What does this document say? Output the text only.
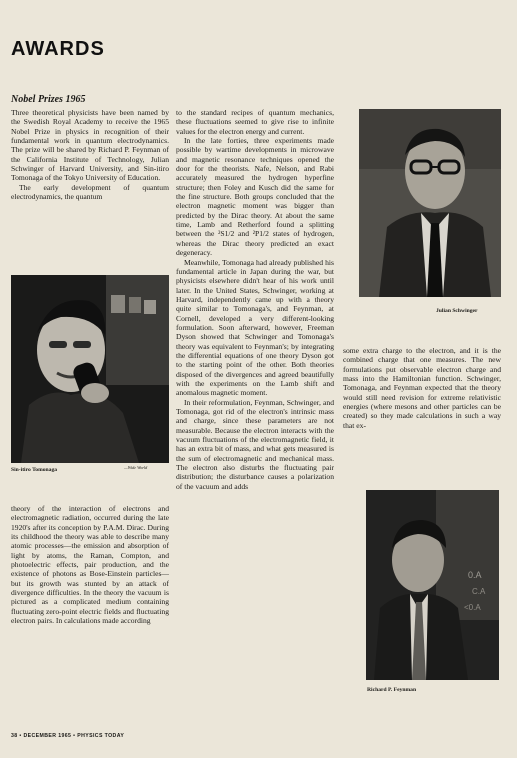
AWARDS
Nobel Prizes 1965

Three theoretical physicists have been named by the Swedish Royal Academy to receive the 1965 Nobel Prize in physics in recognition of their fundamental work in quantum electrodynamics. The prize will be shared by Richard P. Feynman of the California Institute of Technology, Julian Schwinger of Harvard University, and Sin-itiro Tomonaga of the Tokyo University of Education.

The early development of quantum electrodynamics, the quantum

Sin-itiro Tomonaga	—Wide World

theory of the interaction of electrons and electromagnetic radiation, occurred during the late 1920's after its conception by P.A.M. Dirac. During its childhood the theory was able to describe many atomic processes—the emission and absorption of light by atoms, the Raman, Compton, and photoelectric effects, pair production, and the existence of photons as Bose-Einstein particles—but its growth was stunted by an attack of divergence difficulties. In the theory the vacuum is pictured as a complicated medium containing fluctuating zero-point electric fields and fluctuating electron pairs. In calculations made according

to the standard recipes of quantum mechanics, these fluctuations seemed to give rise to infinite values for the electron energy and current.

In the late forties, three experiments made possible by wartime developments in microwave and magnetic resonance techniques opened the door for the theorists. Nafe, Nelson, and Rabi accurately measured the hydrogen hyperfine structure; then Foley and Kusch did the same for the fine structure. Both groups concluded that the electron magnetic moment was bigger than predicted by the Dirac theory. At about the same time, Lamb and Retherford found a splitting between the ²S1/2 and ²P1/2 states of hydrogen, whereas the Dirac theory predicted an exact degeneracy.

Meanwhile, Tomonaga had already published his fundamental article in Japan during the war, but physicists elsewhere didn't hear of his work until later. In the United States, Schwinger, working at Harvard, independently came up with a theory quite similar to Tomonaga's, and Feynman, at Cornell, developed a very different-looking formulation. Soon afterward, however, Freeman Dyson showed that Schwinger and Tomonaga's theory was equivalent to Feynman's; by integrating the differential equations of one theory Dyson got to the starting point of the other. Both theories disposed of the divergences and agreed beautifully with the experiments on the Lamb shift and anomalous magnetic moment.

In their reformulation, Feynman, Schwinger, and Tomonaga, got rid of the electron's intrinsic mass and charge, since these parameters are not measurable. Because the electron interacts with the vacuum fluctuations of the electromagnetic field, it has an extra bit of mass, and what gets measured is the sum of electromagnetic and mechanical mass. The electron also disturbs the fluctuating pair distribution; the disturbance causes a polarization of the vacuum and adds

Julian Schwinger

some extra charge to the electron, and it is the combined charge that one measures. The new formulations put observable electron charge and mass into the Hamiltonian function. Schwinger, Tomonaga, and Feynman expected that the theory would still need revision for extreme relativistic energies (where mesons and other particles can be created) so they made calculations in such a way that ex-

0.A
C.A
<0.A
Richard P. Feynman
38 • DECEMBER 1965 • PHYSICS TODAY
